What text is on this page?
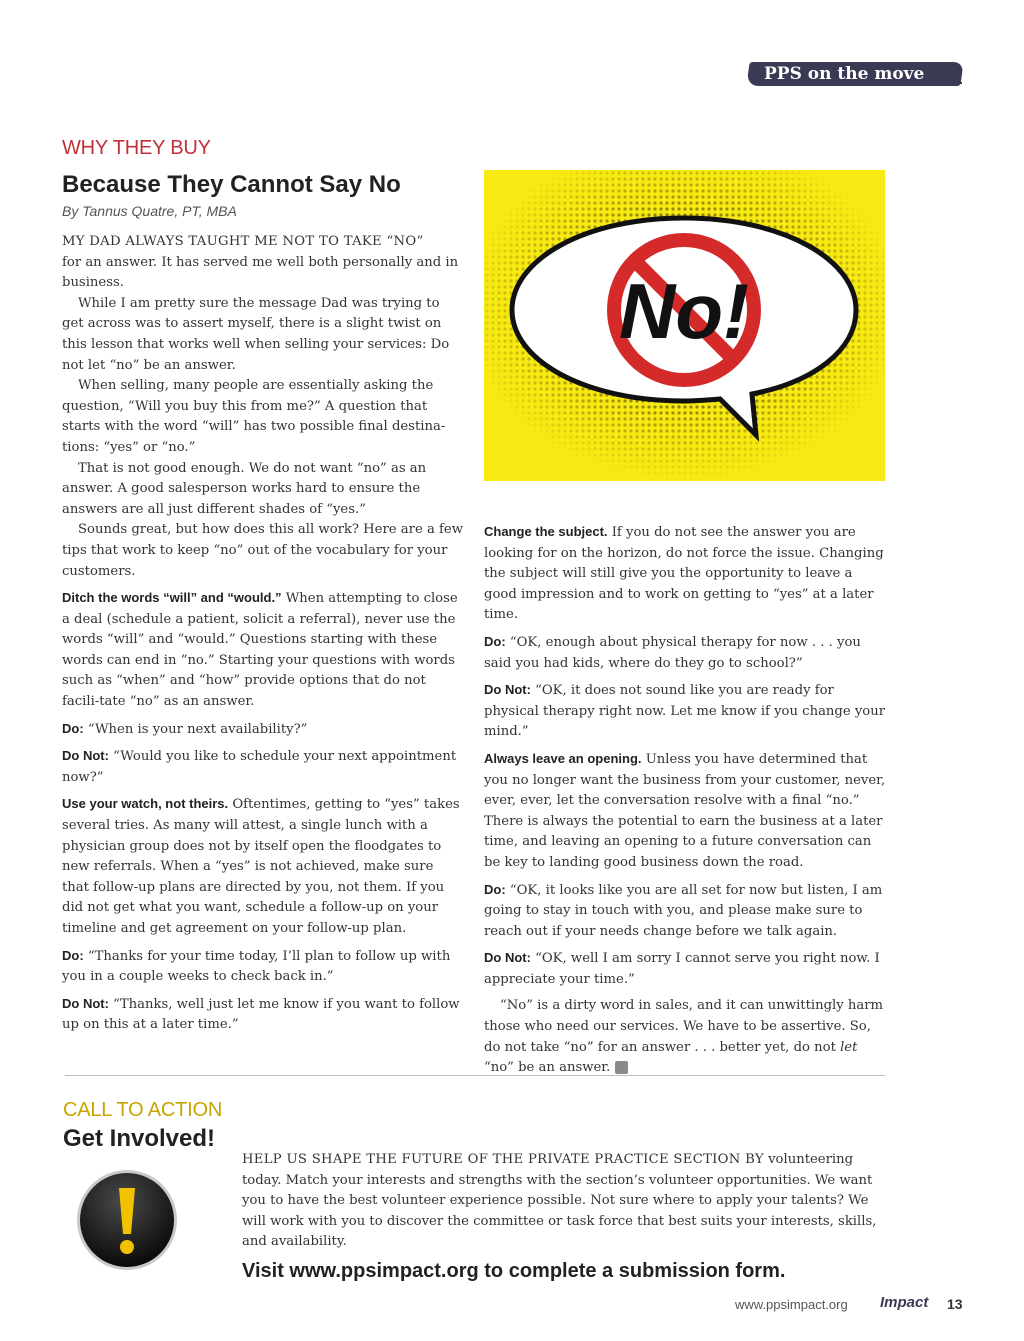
PPS on the move
WHY THEY BUY
Because They Cannot Say No
By Tannus Quatre, PT, MBA

MY DAD ALWAYS TAUGHT ME NOT TO TAKE “NO”
for an answer. It has served me well both personally and in business.

While I am pretty sure the message Dad was trying to get across was to assert myself, there is a slight twist on this lesson that works well when selling your services: Do not let “no” be an answer.

When selling, many people are essentially asking the question, “Will you buy this from me?” A question that starts with the word “will” has two possible final destina-tions: “yes” or “no.”

That is not good enough. We do not want “no” as an answer. A good salesperson works hard to ensure the answers are all just different shades of “yes.”

Sounds great, but how does this all work? Here are a few tips that work to keep “no” out of the vocabulary for your customers.

Ditch the words “will” and “would.” When attempting to close a deal (schedule a patient, solicit a referral), never use the words “will” and “would.” Questions starting with these words can end in “no.” Starting your questions with words such as “when” and “how” provide options that do not facili-tate “no” as an answer.

Do: “When is your next availability?”

Do Not: “Would you like to schedule your next appointment now?”

Use your watch, not theirs. Oftentimes, getting to “yes” takes several tries. As many will attest, a single lunch with a physician group does not by itself open the floodgates to new referrals. When a “yes” is not achieved, make sure that follow-up plans are directed by you, not them. If you did not get what you want, schedule a follow-up on your timeline and get agreement on your follow-up plan.

Do: “Thanks for your time today, I’ll plan to follow up with you in a couple weeks to check back in.”

Do Not: “Thanks, well just let me know if you want to follow up on this at a later time.”

No!

Change the subject. If you do not see the answer you are looking for on the horizon, do not force the issue. Changing the subject will still give you the opportunity to leave a good impression and to work on getting to “yes” at a later time.

Do: “OK, enough about physical therapy for now . . . you said you had kids, where do they go to school?”

Do Not: “OK, it does not sound like you are ready for physical therapy right now. Let me know if you change your mind.”

Always leave an opening. Unless you have determined that you no longer want the business from your customer, never, ever, ever, let the conversation resolve with a final “no.” There is always the potential to earn the business at a later time, and leaving an opening to a future conversation can be key to landing good business down the road.

Do: “OK, it looks like you are all set for now but listen, I am going to stay in touch with you, and please make sure to reach out if your needs change before we talk again.

Do Not: “OK, well I am sorry I cannot serve you right now. I appreciate your time.”

“No” is a dirty word in sales, and it can unwittingly harm those who need our services. We have to be assertive. So, do not take “no” for an answer . . . better yet, do not let “no” be an answer. I

CALL TO ACTION
Get Involved!
HELP US SHAPE THE FUTURE OF THE PRIVATE PRACTICE SECTION BY volunteering today. Match your interests and strengths with the section’s volunteer opportunities. We want you to have the best volunteer experience possible. Not sure where to apply your talents? We will work with you to discover the committee or task force that best suits your interests, skills, and availability.
Visit www.ppsimpact.org to complete a submission form.
www.ppsimpact.org Impact 13
